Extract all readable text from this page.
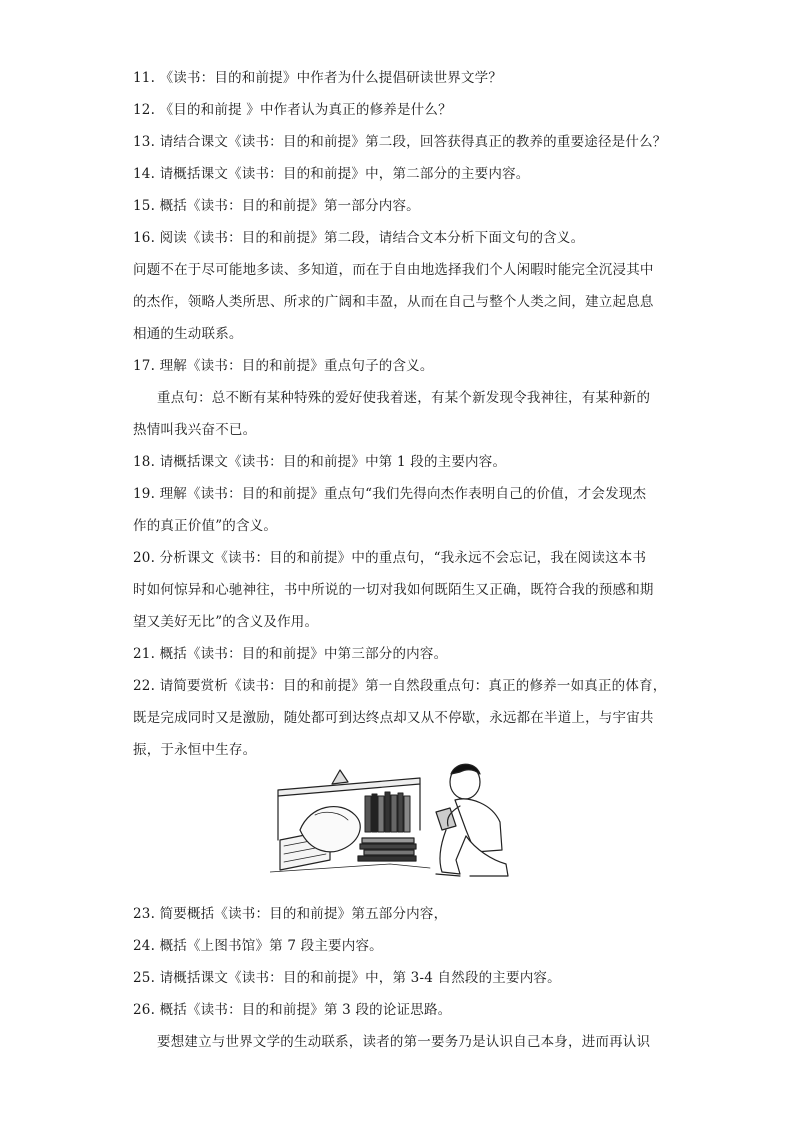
11. 《读书：目的和前提》中作者为什么提倡研读世界文学？
12. 《目的和前提 》中作者认为真正的修养是什么？
13. 请结合课文《读书：目的和前提》第二段，回答获得真正的教养的重要途径是什么？
14. 请概括课文《读书：目的和前提》中，第二部分的主要内容。
15. 概括《读书：目的和前提》第一部分内容。
16. 阅读《读书：目的和前提》第二段，请结合文本分析下面文句的含义。
问题不在于尽可能地多读、多知道，而在于自由地选择我们个人闲暇时能完全沉浸其中
的杰作，领略人类所思、所求的广阔和丰盈，从而在自己与整个人类之间，建立起息息
相通的生动联系。
17. 理解《读书：目的和前提》重点句子的含义。
重点句：总不断有某种特殊的爱好使我着迷，有某个新发现令我神往，有某种新的
热情叫我兴奋不已。
18. 请概括课文《读书：目的和前提》中第 1 段的主要内容。
19. 理解《读书：目的和前提》重点句“我们先得向杰作表明自己的价值，才会发现杰
作的真正价值”的含义。
20. 分析课文《读书：目的和前提》中的重点句，“我永远不会忘记，我在阅读这本书
时如何惊异和心驰神往，书中所说的一切对我如何既陌生又正确，既符合我的预感和期
望又美好无比”的含义及作用。
21. 概括《读书：目的和前提》中第三部分的内容。
22. 请简要赏析《读书：目的和前提》第一自然段重点句：真正的修养一如真正的体育，
既是完成同时又是激励，随处都可到达终点却又从不停歇，永远都在半道上，与宇宙共
振，于永恒中生存。
23. 简要概括《读书：目的和前提》第五部分内容，
24. 概括《上图书馆》第 7 段主要内容。
25. 请概括课文《读书：目的和前提》中，第 3-4 自然段的主要内容。
26. 概括《读书：目的和前提》第 3 段的论证思路。
要想建立与世界文学的生动联系，读者的第一要务乃是认识自己本身，进而再认识
